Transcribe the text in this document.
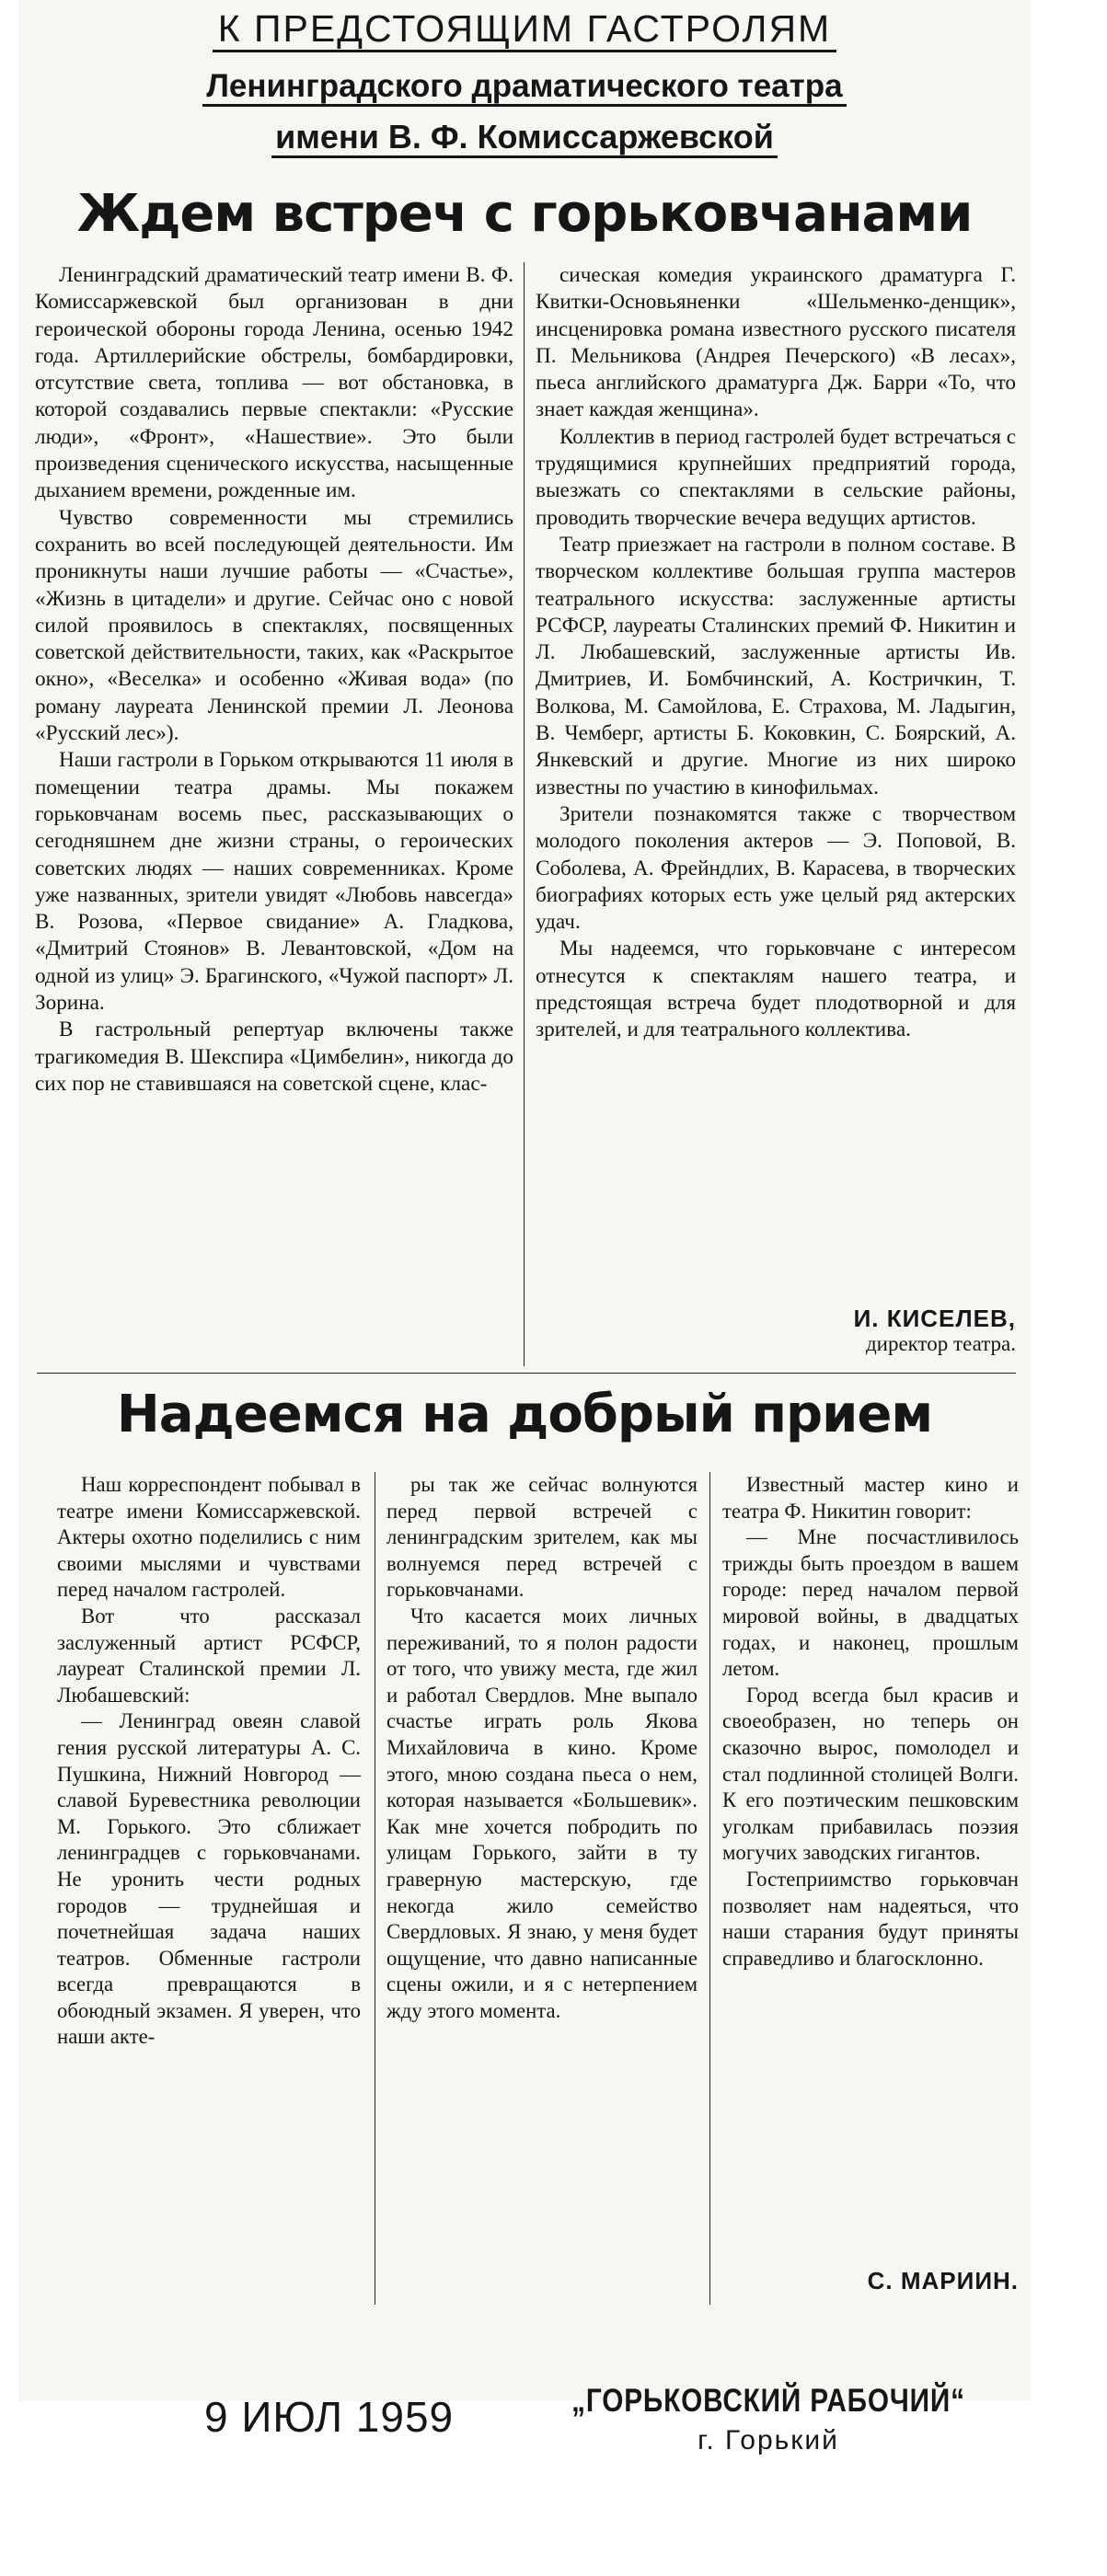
К ПРЕДСТОЯЩИМ ГАСТРОЛЯМ
Ленинградского драматического театра
имени В. Ф. Комиссаржевской
Ждем встреч с горьковчанами

Ленинградский драматический театр имени В. Ф. Комиссаржевской был организован в дни героической обороны города Ленина, осенью 1942 года. Артиллерийские обстрелы, бомбардировки, отсутствие света, топлива — вот обстановка, в которой создавались первые спектакли: «Русские люди», «Фронт», «Нашествие». Это были произведения сценического искусства, насыщенные дыханием времени, рожденные им.

Чувство современности мы стремились сохранить во всей последующей деятельности. Им проникнуты наши лучшие работы — «Счастье», «Жизнь в цитадели» и другие. Сейчас оно с новой силой проявилось в спектаклях, посвященных советской действительности, таких, как «Раскрытое окно», «Веселка» и особенно «Живая вода» (по роману лауреата Ленинской премии Л. Леонова «Русский лес»).

Наши гастроли в Горьком открываются 11 июля в помещении театра драмы. Мы покажем горьковчанам восемь пьес, рассказывающих о сегодняшнем дне жизни страны, о героических советских людях — наших современниках. Кроме уже названных, зрители увидят «Любовь навсегда» В. Розова, «Первое свидание» А. Гладкова, «Дмитрий Стоянов» В. Левантовской, «Дом на одной из улиц» Э. Брагинского, «Чужой паспорт» Л. Зорина.

В гастрольный репертуар включены также трагикомедия В. Шекспира «Цимбелин», никогда до сих пор не ставившаяся на советской сцене, клас-

сическая комедия украинского драматурга Г. Квитки-Основьяненки «Шельменко-денщик», инсценировка романа известного русского писателя П. Мельникова (Андрея Печерского) «В лесах», пьеса английского драматурга Дж. Барри «То, что знает каждая женщина».

Коллектив в период гастролей будет встречаться с трудящимися крупнейших предприятий города, выезжать со спектаклями в сельские районы, проводить творческие вечера ведущих артистов.

Театр приезжает на гастроли в полном составе. В творческом коллективе большая группа мастеров театрального искусства: заслуженные артисты РСФСР, лауреаты Сталинских премий Ф. Никитин и Л. Любашевский, заслуженные артисты Ив. Дмитриев, И. Бомбчинский, А. Кострички​н, Т. Волкова, М. Самойлова, Е. Страхова, М. Ладыгин, В. Чемберг, артисты Б. Коковкин, С. Боярский, А. Янкевский и другие. Многие из них широко известны по участию в кинофильмах.

Зрители познакомятся также с творчеством молодого поколения актеров — Э. Поповой, В. Соболева, А. Фрейндлих, В. Карасева, в творческих биографиях которых есть уже целый ряд актерских удач.

Мы надеемся, что горьковчане с интересом отнесутся к спектаклям нашего театра, и предстоящая встреча будет плодотворной и для зрителей, и для театрального коллектива.

И. КИСЕЛЕВ,
директор театра.
Надеемся на добрый прием

Наш корреспондент побывал в театре имени Комиссаржевской. Актеры охотно поделились с ним своими мыслями и чувствами перед началом гастролей.

Вот что рассказал заслуженный артист РСФСР, лауреат Сталинской премии Л. Любашевский:

— Ленинград овеян славой гения русской литературы А. С. Пушкина, Нижний Новгород — славой Буревестника революции М. Горького. Это сближает ленинградцев с горьковчанами. Не уронить чести родных городов — труднейшая и почетнейшая задача наших театров. Обменные гастроли всегда превращаются в обоюдный экзамен. Я уверен, что наши акте-

ры так же сейчас волнуются перед первой встречей с ленинградским зрителем, как мы волнуемся перед встречей с горьковчанами.

Что касается моих личных переживаний, то я полон радости от того, что увижу места, где жил и работал Свердлов. Мне выпало счастье играть роль Якова Михайловича в кино. Кроме этого, мною создана пьеса о нем, которая называется «Большевик». Как мне хочется побродить по улицам Горького, зайти в ту граверную мастерскую, где некогда жило семейство Свердловых. Я знаю, у меня будет ощущение, что давно написанные сцены ожили, и я с нетерпением жду этого момента.

Известный мастер кино и театра Ф. Никитин говорит:

— Мне посчастливилось трижды быть проездом в вашем городе: перед началом первой мировой войны, в двадцатых годах, и наконец, прошлым летом.

Город всегда был красив и своеобразен, но теперь он сказочно вырос, помолодел и стал подлинной столицей Волги. К его поэтическим пешковским уголкам прибавилась поэзия могучих заводских гигантов.

Гостеприимство горьковчан позволяет нам надеяться, что наши старания будут приняты справедливо и благосклонно.

С. МАРИИН.
9 ИЮЛ 1959	„ГОРЬКОВСКИЙ РАБОЧИЙ“
г. Горький
